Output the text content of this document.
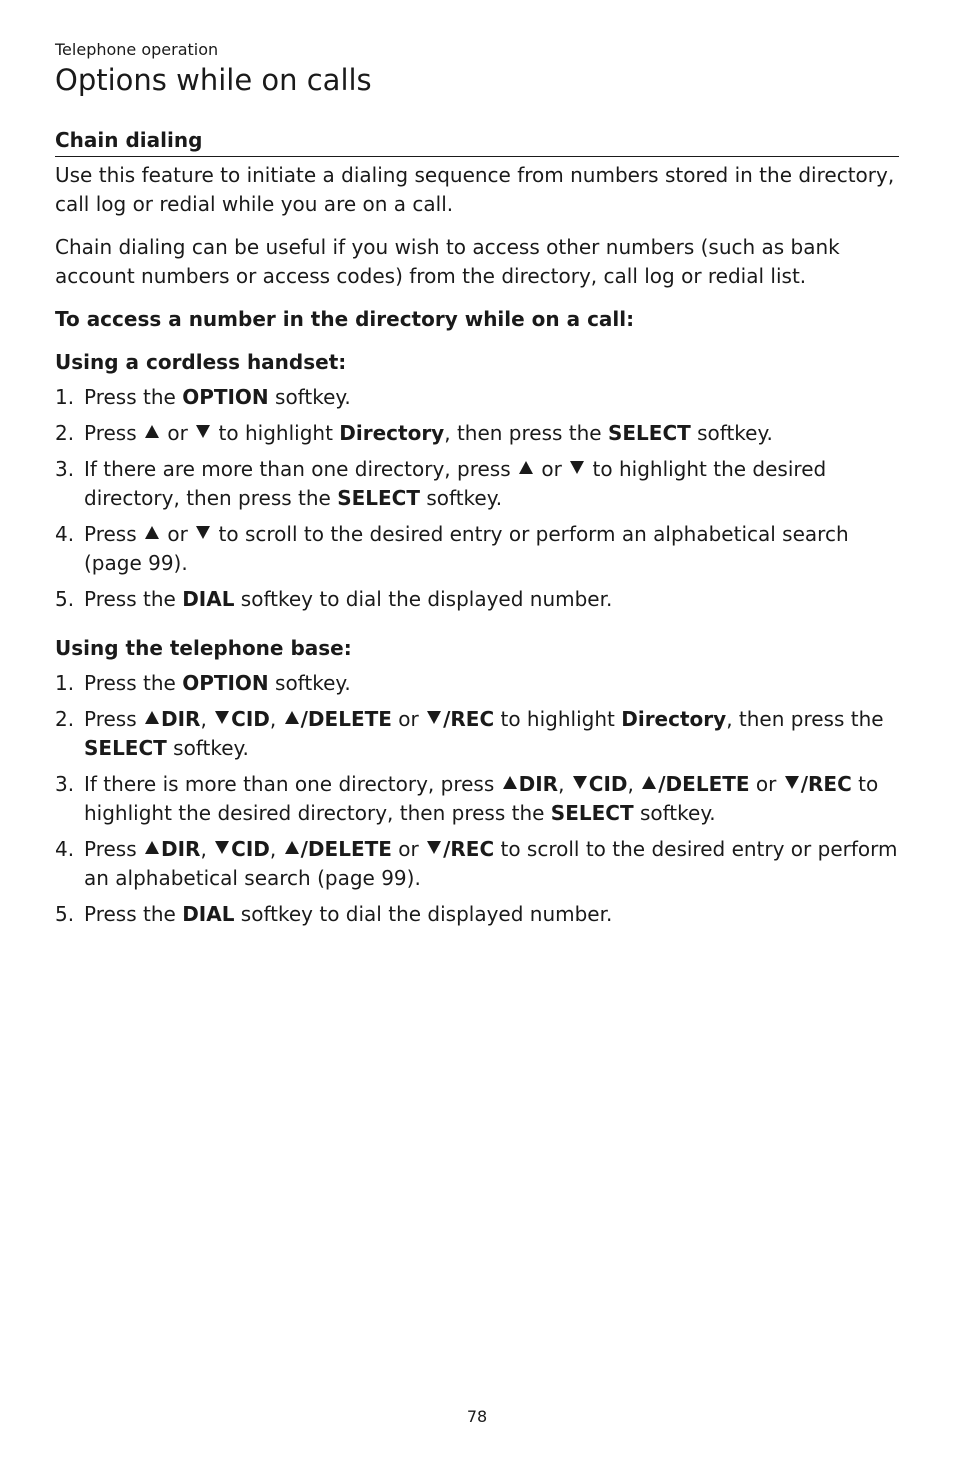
Telephone operation
Options while on calls
Chain dialing

Use this feature to initiate a dialing sequence from numbers stored in the directory, call log or redial while you are on a call.

Chain dialing can be useful if you wish to access other numbers (such as bank account numbers or access codes) from the directory, call log or redial list.

To access a number in the directory while on a call:

Using a cordless handset:

1. Press the OPTION softkey.
2. Press  or  to highlight Directory, then press the SELECT softkey.
3. If there are more than one directory, press  or  to highlight the desired directory, then press the SELECT softkey.
4. Press  or  to scroll to the desired entry or perform an alphabetical search (page 99).
5. Press the DIAL softkey to dial the displayed number.

Using the telephone base:

1. Press the OPTION softkey.
2. Press DIR, CID, /DELETE or /REC to highlight Directory, then press the SELECT softkey.
3. If there is more than one directory, press DIR, CID, /DELETE or /REC to highlight the desired directory, then press the SELECT softkey.
4. Press DIR, CID, /DELETE or /REC to scroll to the desired entry or perform an alphabetical search (page 99).
5. Press the DIAL softkey to dial the displayed number.
78
